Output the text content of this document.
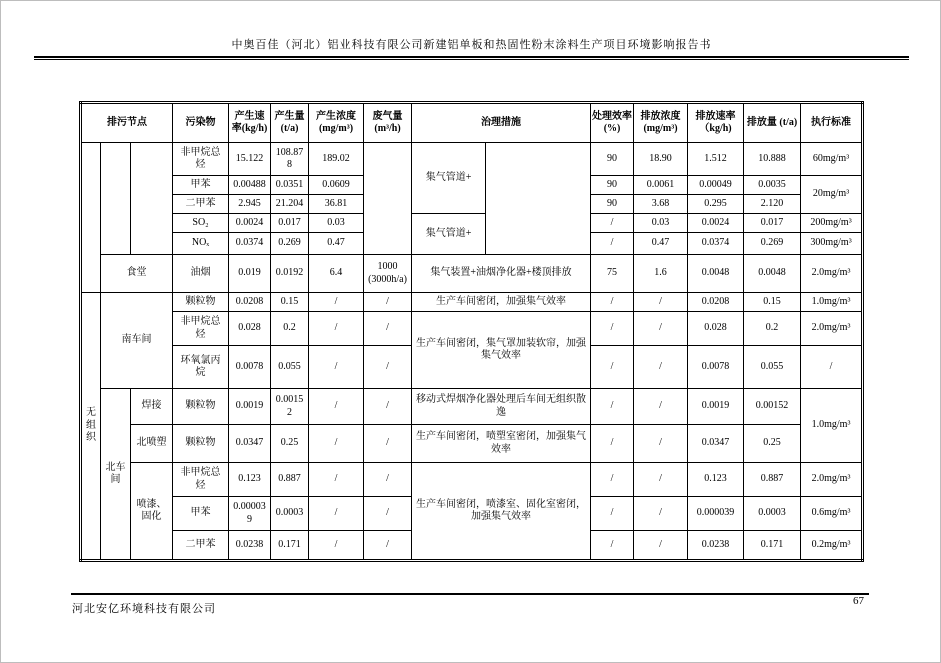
中奥百佳（河北）铝业科技有限公司新建铝单板和热固性粉末涂料生产项目环境影响报告书
排污节点			污染物	产生速率(kg/h)	产生量 (t/a)	产生浓度 (mg/m³)	废气量 (m³/h)	治理措施		处理效率(%)	排放浓度 (mg/m³)	排放速率（kg/h)	排放量 (t/a)	执行标准
			非甲烷总烃	15.122	108.878	189.02		集气管道+		90	18.90	1.512	10.888	60mg/m³
			甲苯	0.00488	0.0351	0.0609				90	0.0061	0.00049	0.0035	20mg/m³
			二甲苯	2.945	21.204	36.81				90	3.68	0.295	2.120	
			SO₂	0.0024	0.017	0.03		集气管道+		/	0.03	0.0024	0.017	200mg/m³
			NOₓ	0.0374	0.269	0.47				/	0.47	0.0374	0.269	300mg/m³
	食堂		油烟	0.019	0.0192	6.4	1000 (3000h/a)	集气装置+油烟净化器+楼顶排放		75	1.6	0.0048	0.0048	2.0mg/m³
无组织	南车间		颗粒物	0.0208	0.15	/	/	生产车间密闭，加强集气效率		/	/	0.0208	0.15	1.0mg/m³
			非甲烷总烃	0.028	0.2	/	/	生产车间密闭，集气罩加装软帘，加强集气效率		/	/	0.028	0.2	2.0mg/m³
			环氧氯丙烷	0.0078	0.055	/	/			/	/	0.0078	0.055	/
	北车间	焊接	颗粒物	0.0019	0.00152	/	/	移动式焊烟净化器处理后车间无组织散逸		/	/	0.0019	0.00152	1.0mg/m³
		北喷塑	颗粒物	0.0347	0.25	/	/	生产车间密闭，喷塑室密闭，加强集气效率		/	/	0.0347	0.25	
		喷漆、固化	非甲烷总烃	0.123	0.887	/	/	生产车间密闭，喷漆室、固化室密闭，加强集气效率		/	/	0.123	0.887	2.0mg/m³
			甲苯	0.000039	0.0003	/	/			/	/	0.000039	0.0003	0.6mg/m³
			二甲苯	0.0238	0.171	/	/			/	/	0.0238	0.171	0.2mg/m³
河北安亿环境科技有限公司
67
